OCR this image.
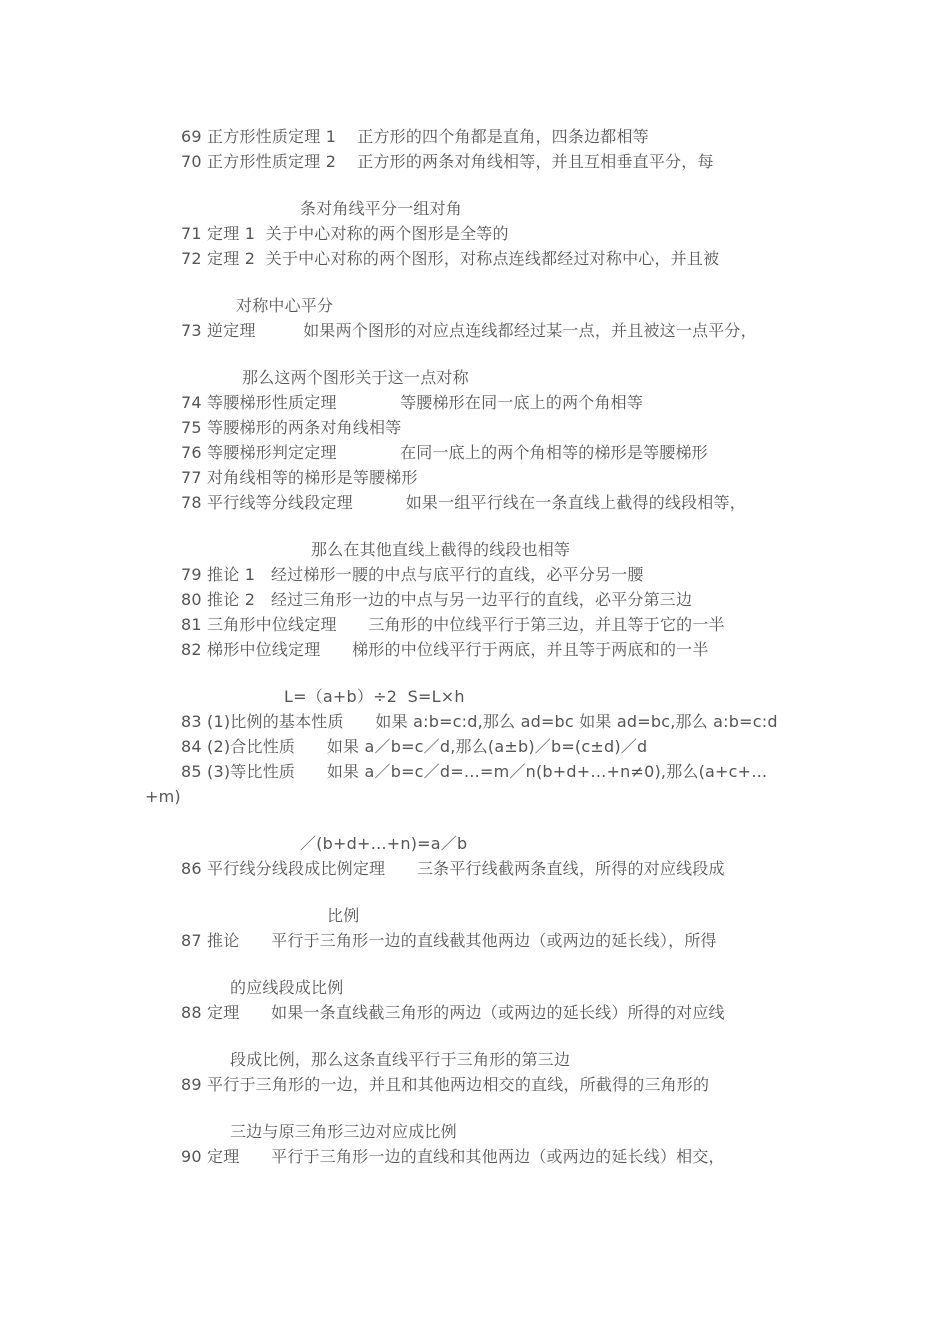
69 正方形性质定理 1    正方形的四个角都是直角，四条边都相等
70 正方形性质定理 2    正方形的两条对角线相等，并且互相垂直平分，每
条对角线平分一组对角
71 定理 1  关于中心对称的两个图形是全等的
72 定理 2  关于中心对称的两个图形，对称点连线都经过对称中心，并且被
对称中心平分
73 逆定理         如果两个图形的对应点连线都经过某一点，并且被这一点平分，
那么这两个图形关于这一点对称
74 等腰梯形性质定理            等腰梯形在同一底上的两个角相等
75 等腰梯形的两条对角线相等
76 等腰梯形判定定理            在同一底上的两个角相等的梯形是等腰梯形
77 对角线相等的梯形是等腰梯形
78 平行线等分线段定理          如果一组平行线在一条直线上截得的线段相等，
那么在其他直线上截得的线段也相等
79 推论 1   经过梯形一腰的中点与底平行的直线，必平分另一腰
80 推论 2   经过三角形一边的中点与另一边平行的直线，必平分第三边
81 三角形中位线定理      三角形的中位线平行于第三边，并且等于它的一半
82 梯形中位线定理      梯形的中位线平行于两底，并且等于两底和的一半
L=（a+b）÷2  S=L×h
83 (1)比例的基本性质      如果 a:b=c:d,那么 ad=bc 如果 ad=bc,那么 a:b=c:d
84 (2)合比性质      如果 a／b=c／d,那么(a±b)／b=(c±d)／d
85 (3)等比性质      如果 a／b=c／d=…=m／n(b+d+…+n≠0),那么(a+c+…
+m)
／(b+d+…+n)=a／b
86 平行线分线段成比例定理      三条平行线截两条直线，所得的对应线段成
比例
87 推论      平行于三角形一边的直线截其他两边（或两边的延长线），所得
的应线段成比例
88 定理      如果一条直线截三角形的两边（或两边的延长线）所得的对应线
段成比例，那么这条直线平行于三角形的第三边
89 平行于三角形的一边，并且和其他两边相交的直线，所截得的三角形的
三边与原三角形三边对应成比例
90 定理      平行于三角形一边的直线和其他两边（或两边的延长线）相交，
